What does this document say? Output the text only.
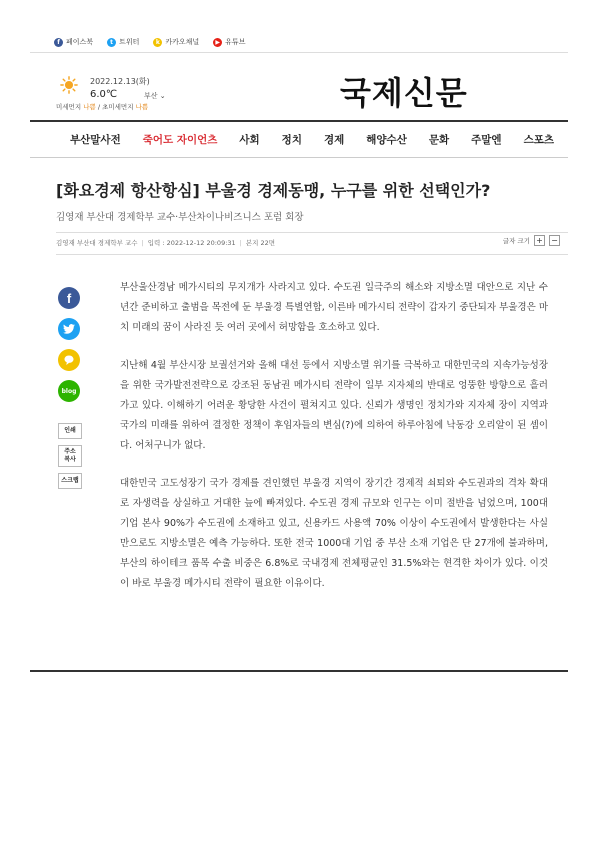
f 페이스북	t 트위터	k 카카오채널	▶ 유튜브
2022.12.13(화)
6.0℃	부산 ⌄
미세먼지 나쁨 / 초미세먼지 나쁨	국제신문
부산말사전 죽어도 자이언츠 사회 정치 경제 해양수산 문화 주말엔 스포츠
[화요경제 항산항심] 부울경 경제동맹, 누구를 위한 선택인가?
김영재 부산대 경제학부 교수·부산차이나비즈니스 포럼 회장
김영재 부산대 경제학부 교수 | 입력 : 2022-12-12 20:09:31 | 본지 22면	글자 크기 + −
f
blog
인쇄
주소
복사
스크랩

부산울산경남 메가시티의 무지개가 사라지고 있다. 수도권 일극주의 해소와 지방소멸 대안으로 지난 수년간 준비하고 출범을 목전에 둔 부울경 특별연합, 이른바 메가시티 전략이 갑자기 중단되자 부울경은 마치 미래의 꿈이 사라진 듯 여러 곳에서 허망함을 호소하고 있다.

지난해 4월 부산시장 보궐선거와 올해 대선 등에서 지방소멸 위기를 극복하고 대한민국의 지속가능성장을 위한 국가발전전략으로 강조된 동남권 메가시티 전략이 일부 지자체의 반대로 엉뚱한 방향으로 흘러가고 있다. 이해하기 어려운 황당한 사건이 펼쳐지고 있다. 신뢰가 생명인 정치가와 지자체 장이 지역과 국가의 미래를 위하여 결정한 정책이 후임자들의 변심(?)에 의하여 하루아침에 낙동강 오리알이 된 셈이다. 어처구니가 없다.

대한민국 고도성장기 국가 경제를 견인했던 부울경 지역이 장기간 경제적 쇠퇴와 수도권과의 격차 확대로 자생력을 상실하고 거대한 늪에 빠져있다. 수도권 경제 규모와 인구는 이미 절반을 넘었으며, 100대 기업 본사 90%가 수도권에 소재하고 있고, 신용카드 사용액 70% 이상이 수도권에서 발생한다는 사실만으로도 지방소멸은 예측 가능하다. 또한 전국 1000대 기업 중 부산 소재 기업은 단 27개에 불과하며, 부산의 하이테크 품목 수출 비중은 6.8%로 국내경제 전체평균인 31.5%와는 현격한 차이가 있다. 이것이 바로 부울경 메가시티 전략이 필요한 이유이다.
